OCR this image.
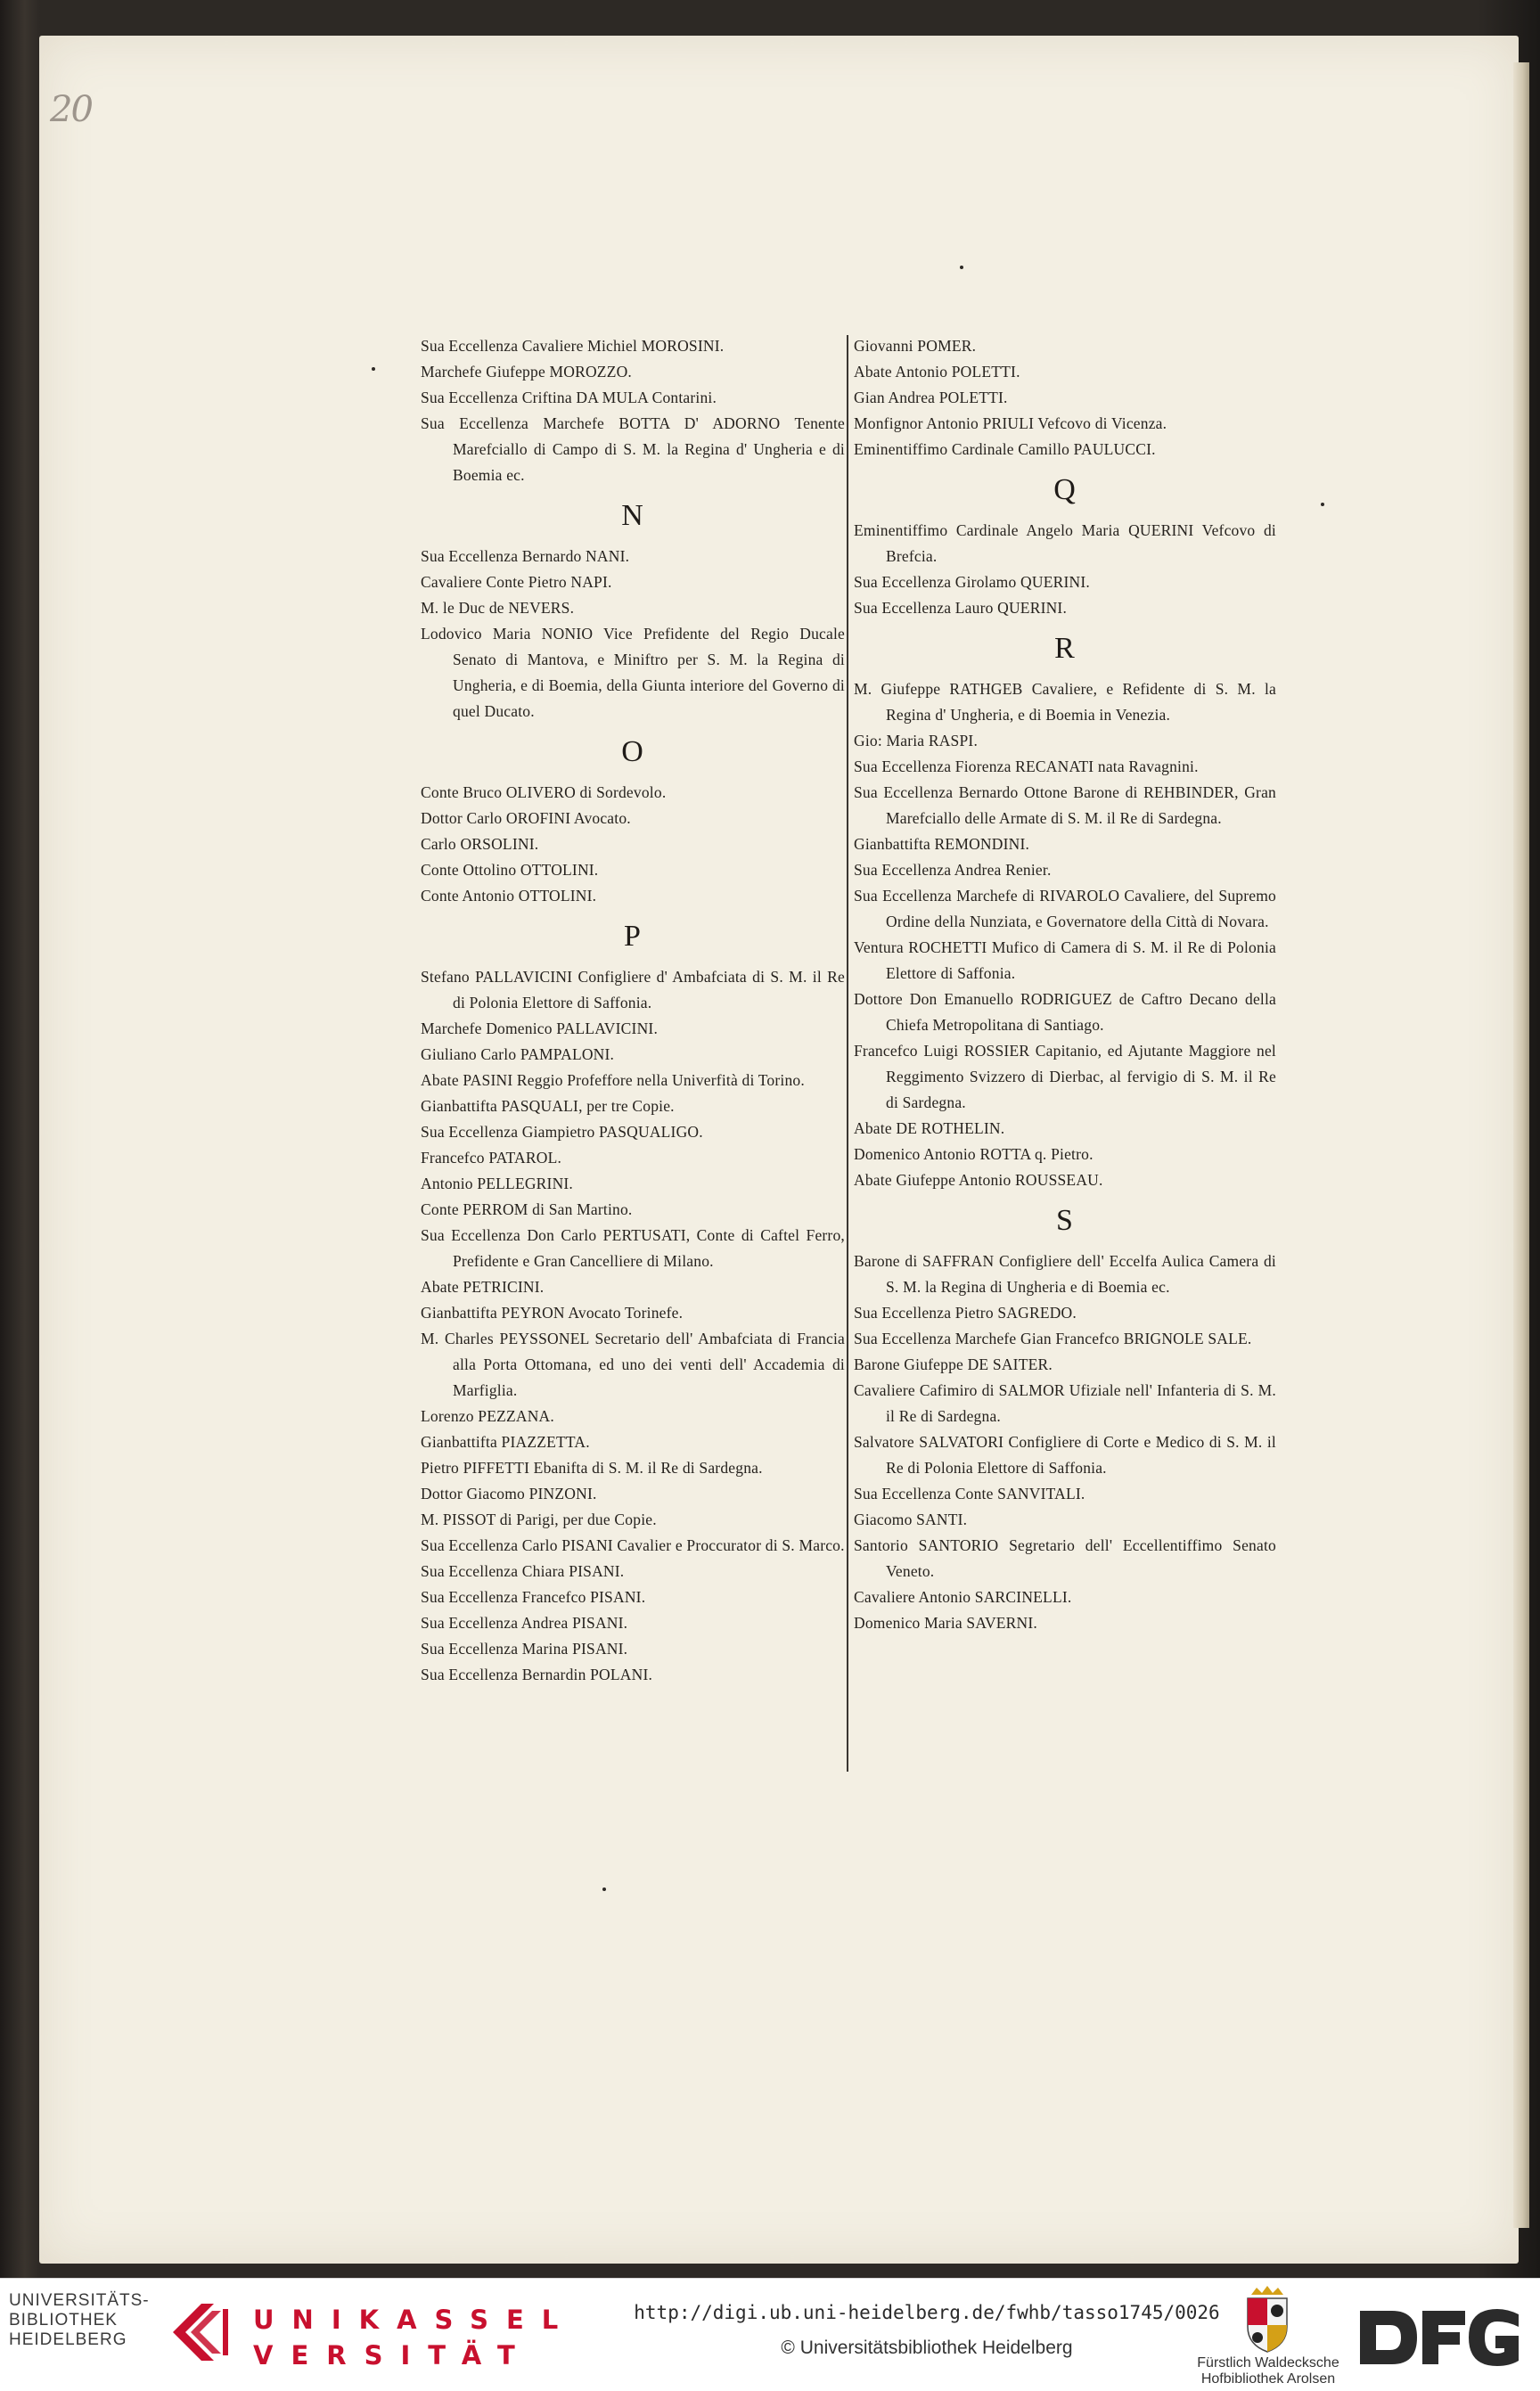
20

Sua Eccellenza Cavaliere Michiel MOROSINI.

Marchefe Giufeppe MOROZZO.

Sua Eccellenza Criftina DA MULA Contarini.

Sua Eccellenza Marchefe BOTTA D' ADORNO Tenente Marefciallo di Campo di S. M. la Regina d' Ungheria e di Boemia ec.

N

Sua Eccellenza Bernardo NANI.

Cavaliere Conte Pietro NAPI.

M. le Duc de NEVERS.

Lodovico Maria NONIO Vice Prefidente del Regio Ducale Senato di Mantova, e Miniftro per S. M. la Regina di Ungheria, e di Boemia, della Giunta interiore del Governo di quel Ducato.

O

Conte Bruco OLIVERO di Sordevolo.

Dottor Carlo OROFINI Avocato.

Carlo ORSOLINI.

Conte Ottolino OTTOLINI.

Conte Antonio OTTOLINI.

P

Stefano PALLAVICINI Configliere d' Ambafciata di S. M. il Re di Polonia Elettore di Saffonia.

Marchefe Domenico PALLAVICINI.

Giuliano Carlo PAMPALONI.

Abate PASINI Reggio Profeffore nella Univerfità di Torino.

Gianbattifta PASQUALI, per tre Copie.

Sua Eccellenza Giampietro PASQUALIGO.

Francefco PATAROL.

Antonio PELLEGRINI.

Conte PERROM di San Martino.

Sua Eccellenza Don Carlo PERTUSATI, Conte di Caftel Ferro, Prefidente e Gran Cancelliere di Milano.

Abate PETRICINI.

Gianbattifta PEYRON Avocato Torinefe.

M. Charles PEYSSONEL Secretario dell' Ambafciata di Francia alla Porta Ottomana, ed uno dei venti dell' Accademia di Marfiglia.

Lorenzo PEZZANA.

Gianbattifta PIAZZETTA.

Pietro PIFFETTI Ebanifta di S. M. il Re di Sardegna.

Dottor Giacomo PINZONI.

M. PISSOT di Parigi, per due Copie.

Sua Eccellenza Carlo PISANI Cavalier e Proccurator di S. Marco.

Sua Eccellenza Chiara PISANI.

Sua Eccellenza Francefco PISANI.

Sua Eccellenza Andrea PISANI.

Sua Eccellenza Marina PISANI.

Sua Eccellenza Bernardin POLANI.

Giovanni POMER.

Abate Antonio POLETTI.

Gian Andrea POLETTI.

Monfignor Antonio PRIULI Vefcovo di Vicenza.

Eminentiffimo Cardinale Camillo PAULUCCI.

Q

Eminentiffimo Cardinale Angelo Maria QUERINI Vefcovo di Brefcia.

Sua Eccellenza Girolamo QUERINI.

Sua Eccellenza Lauro QUERINI.

R

M. Giufeppe RATHGEB Cavaliere, e Refidente di S. M. la Regina d' Ungheria, e di Boemia in Venezia.

Gio: Maria RASPI.

Sua Eccellenza Fiorenza RECANATI nata Ravagnini.

Sua Eccellenza Bernardo Ottone Barone di REHBINDER, Gran Marefciallo delle Armate di S. M. il Re di Sardegna.

Gianbattifta REMONDINI.

Sua Eccellenza Andrea Renier.

Sua Eccellenza Marchefe di RIVAROLO Cavaliere, del Supremo Ordine della Nunziata, e Governatore della Città di Novara.

Ventura ROCHETTI Mufico di Camera di S. M. il Re di Polonia Elettore di Saffonia.

Dottore Don Emanuello RODRIGUEZ de Caftro Decano della Chiefa Metropolitana di Santiago.

Francefco Luigi ROSSIER Capitanio, ed Ajutante Maggiore nel Reggimento Svizzero di Dierbac, al fervigio di S. M. il Re di Sardegna.

Abate DE ROTHELIN.

Domenico Antonio ROTTA q. Pietro.

Abate Giufeppe Antonio ROUSSEAU.

S

Barone di SAFFRAN Configliere dell' Eccelfa Aulica Camera di S. M. la Regina di Ungheria e di Boemia ec.

Sua Eccellenza Pietro SAGREDO.

Sua Eccellenza Marchefe Gian Francefco BRIGNOLE SALE.

Barone Giufeppe DE SAITER.

Cavaliere Cafimiro di SALMOR Ufiziale nell' Infanteria di S. M. il Re di Sardegna.

Salvatore SALVATORI Configliere di Corte e Medico di S. M. il Re di Polonia Elettore di Saffonia.

Sua Eccellenza Conte SANVITALI.

Giacomo SANTI.

Santorio SANTORIO Segretario dell' Eccellentiffimo Senato Veneto.

Cavaliere Antonio SARCINELLI.

Domenico Maria SAVERNI.

UNIVERSITÄTS-
BIBLIOTHEK
HEIDELBERG
UNIKASSEL
VERSITÄT
http://digi.ub.uni-heidelberg.de/fwhb/tasso1745/0026
© Universitätsbibliothek Heidelberg
Fürstlich Waldecksche
Hofbibliothek Arolsen
DFG
